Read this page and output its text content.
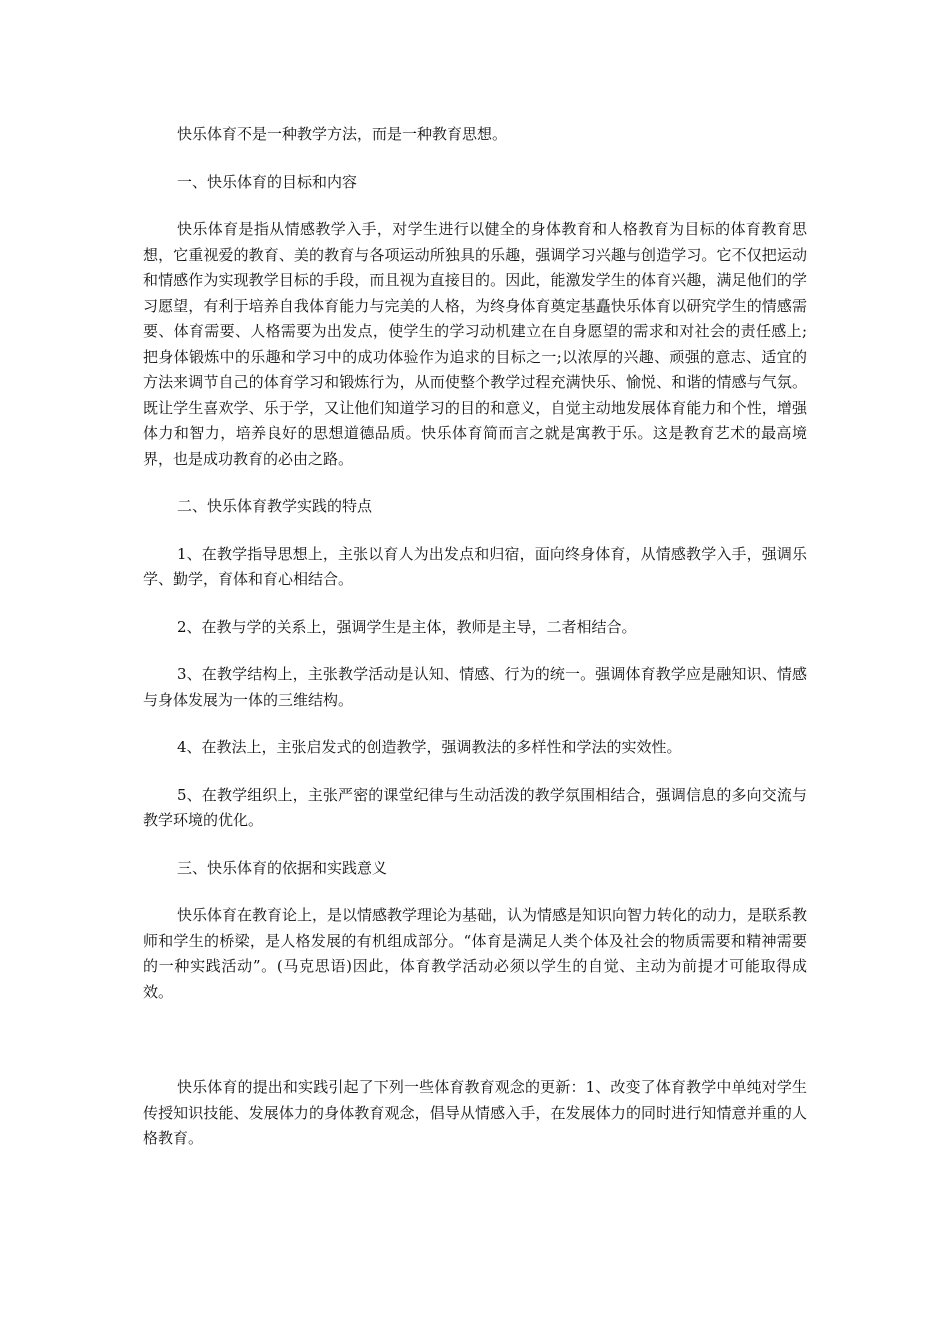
快乐体育不是一种教学方法，而是一种教育思想。

一、快乐体育的目标和内容

快乐体育是指从情感教学入手，对学生进行以健全的身体教育和人格教育为目标的体育教育思想，它重视爱的教育、美的教育与各项运动所独具的乐趣，强调学习兴趣与创造学习。它不仅把运动和情感作为实现教学目标的手段，而且视为直接目的。因此，能激发学生的体育兴趣，满足他们的学习愿望，有利于培养自我体育能力与完美的人格，为终身体育奠定基矗快乐体育以研究学生的情感需要、体育需要、人格需要为出发点，使学生的学习动机建立在自身愿望的需求和对社会的责任感上;把身体锻炼中的乐趣和学习中的成功体验作为追求的目标之一;以浓厚的兴趣、顽强的意志、适宜的方法来调节自己的体育学习和锻炼行为，从而使整个教学过程充满快乐、愉悦、和谐的情感与气氛。既让学生喜欢学、乐于学，又让他们知道学习的目的和意义，自觉主动地发展体育能力和个性，增强体力和智力，培养良好的思想道德品质。快乐体育简而言之就是寓教于乐。这是教育艺术的最高境界，也是成功教育的必由之路。

二、快乐体育教学实践的特点

1、在教学指导思想上，主张以育人为出发点和归宿，面向终身体育，从情感教学入手，强调乐学、勤学，育体和育心相结合。

2、在教与学的关系上，强调学生是主体，教师是主导，二者相结合。

3、在教学结构上，主张教学活动是认知、情感、行为的统一。强调体育教学应是融知识、情感与身体发展为一体的三维结构。

4、在教法上，主张启发式的创造教学，强调教法的多样性和学法的实效性。

5、在教学组织上，主张严密的课堂纪律与生动活泼的教学氛围相结合，强调信息的多向交流与教学环境的优化。

三、快乐体育的依据和实践意义

快乐体育在教育论上，是以情感教学理论为基础，认为情感是知识向智力转化的动力，是联系教师和学生的桥梁，是人格发展的有机组成部分。“体育是满足人类个体及社会的物质需要和精神需要的一种实践活动”。(马克思语)因此，体育教学活动必须以学生的自觉、主动为前提才可能取得成效。

快乐体育的提出和实践引起了下列一些体育教育观念的更新：1、改变了体育教学中单纯对学生传授知识技能、发展体力的身体教育观念，倡导从情感入手，在发展体力的同时进行知情意并重的人格教育。
